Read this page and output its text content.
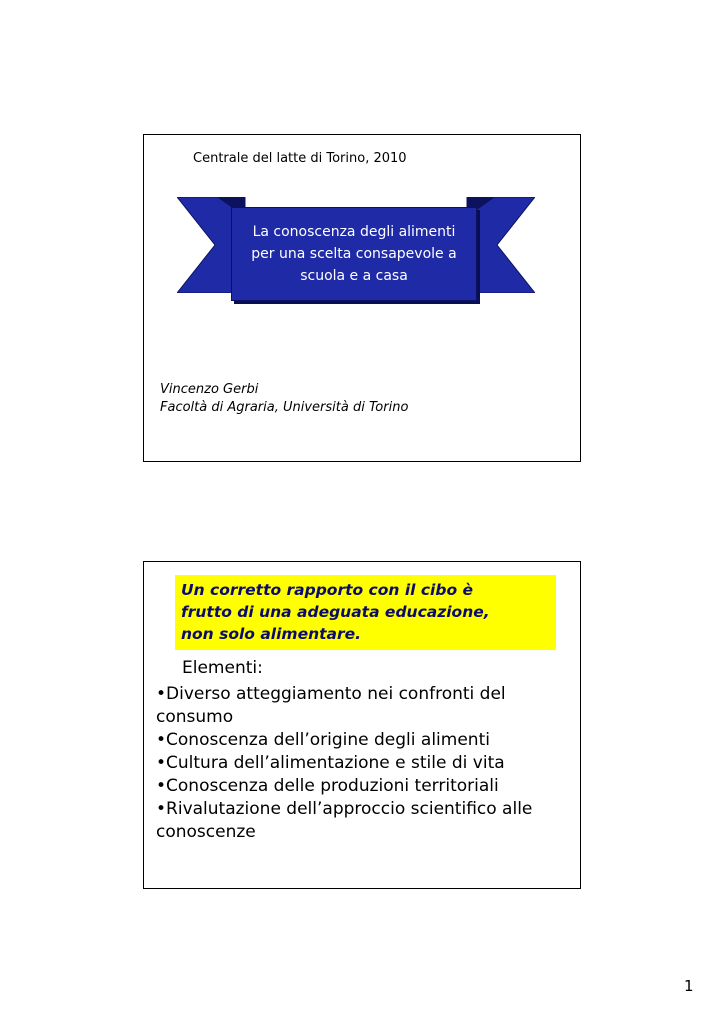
Centrale del latte di Torino, 2010
La conoscenza degli alimenti
per una scelta consapevole a
scuola e a casa
Vincenzo Gerbi
Facoltà di Agraria, Università di Torino
Un corretto rapporto con il cibo è
frutto di una adeguata educazione,
non solo alimentare.
Elementi:
•Diverso atteggiamento nei confronti del consumo
•Conoscenza dell’origine degli alimenti
•Cultura dell’alimentazione e stile di vita
•Conoscenza delle produzioni territoriali
•Rivalutazione dell’approccio scientifico alle conoscenze
1
